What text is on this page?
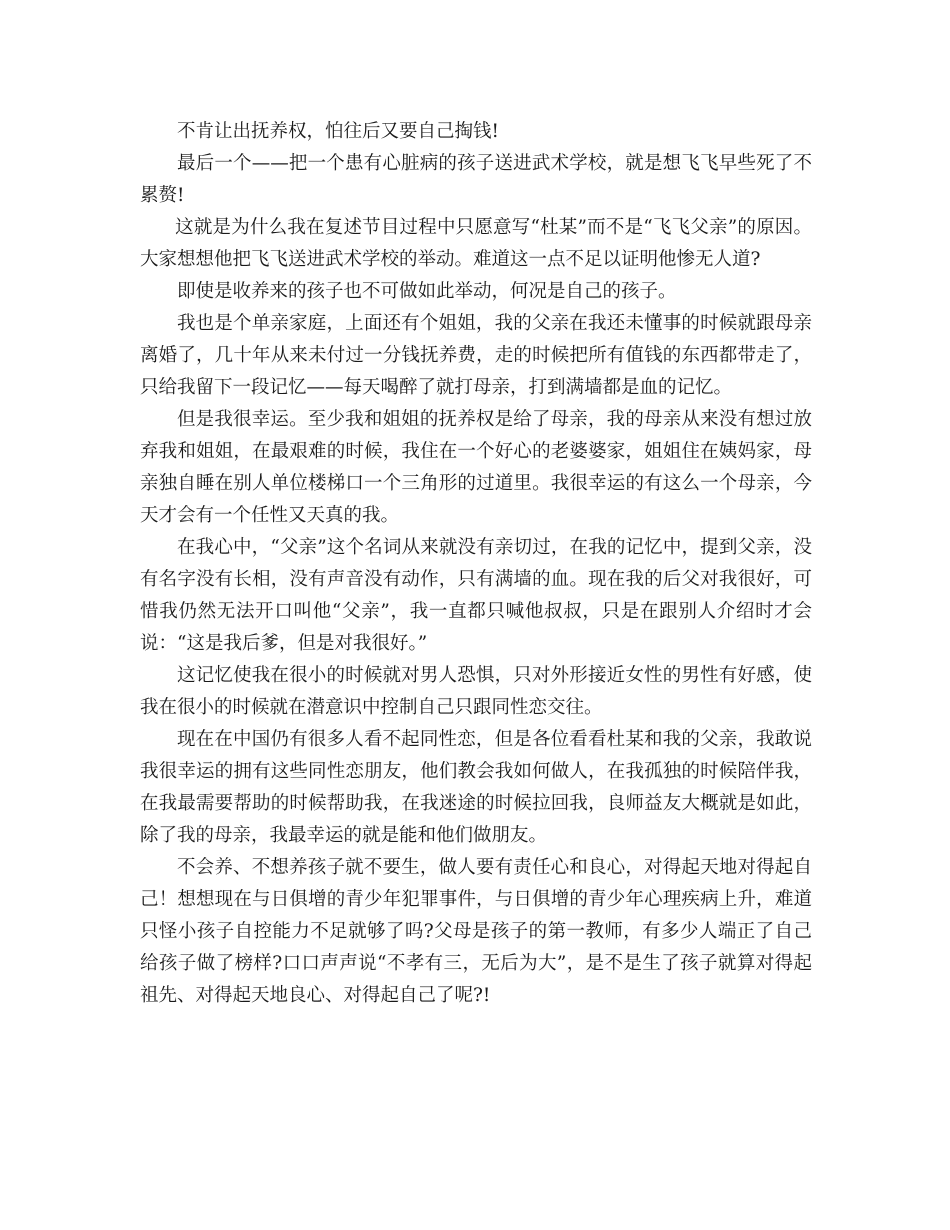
不肯让出抚养权，怕往后又要自己掏钱!

最后一个——把一个患有心脏病的孩子送进武术学校，就是想飞飞早些死了不累赘!

这就是为什么我在复述节目过程中只愿意写“杜某”而不是“飞飞父亲”的原因。大家想想他把飞飞送进武术学校的举动。难道这一点不足以证明他惨无人道?

即使是收养来的孩子也不可做如此举动，何况是自己的孩子。

我也是个单亲家庭，上面还有个姐姐，我的父亲在我还未懂事的时候就跟母亲离婚了，几十年从来未付过一分钱抚养费，走的时候把所有值钱的东西都带走了，只给我留下一段记忆——每天喝醉了就打母亲，打到满墙都是血的记忆。

但是我很幸运。至少我和姐姐的抚养权是给了母亲，我的母亲从来没有想过放弃我和姐姐，在最艰难的时候，我住在一个好心的老婆婆家，姐姐住在姨妈家，母亲独自睡在别人单位楼梯口一个三角形的过道里。我很幸运的有这么一个母亲，今天才会有一个任性又天真的我。

在我心中，“父亲”这个名词从来就没有亲切过，在我的记忆中，提到父亲，没有名字没有长相，没有声音没有动作，只有满墙的血。现在我的后父对我很好，可惜我仍然无法开口叫他“父亲”，我一直都只喊他叔叔，只是在跟别人介绍时才会说：“这是我后爹，但是对我很好。”

这记忆使我在很小的时候就对男人恐惧，只对外形接近女性的男性有好感，使我在很小的时候就在潜意识中控制自己只跟同性恋交往。

现在在中国仍有很多人看不起同性恋，但是各位看看杜某和我的父亲，我敢说我很幸运的拥有这些同性恋朋友，他们教会我如何做人，在我孤独的时候陪伴我，在我最需要帮助的时候帮助我，在我迷途的时候拉回我，良师益友大概就是如此，除了我的母亲，我最幸运的就是能和他们做朋友。

不会养、不想养孩子就不要生，做人要有责任心和良心，对得起天地对得起自己！想想现在与日俱增的青少年犯罪事件，与日俱增的青少年心理疾病上升，难道只怪小孩子自控能力不足就够了吗?父母是孩子的第一教师，有多少人端正了自己给孩子做了榜样?口口声声说“不孝有三，无后为大”，是不是生了孩子就算对得起祖先、对得起天地良心、对得起自己了呢?!
